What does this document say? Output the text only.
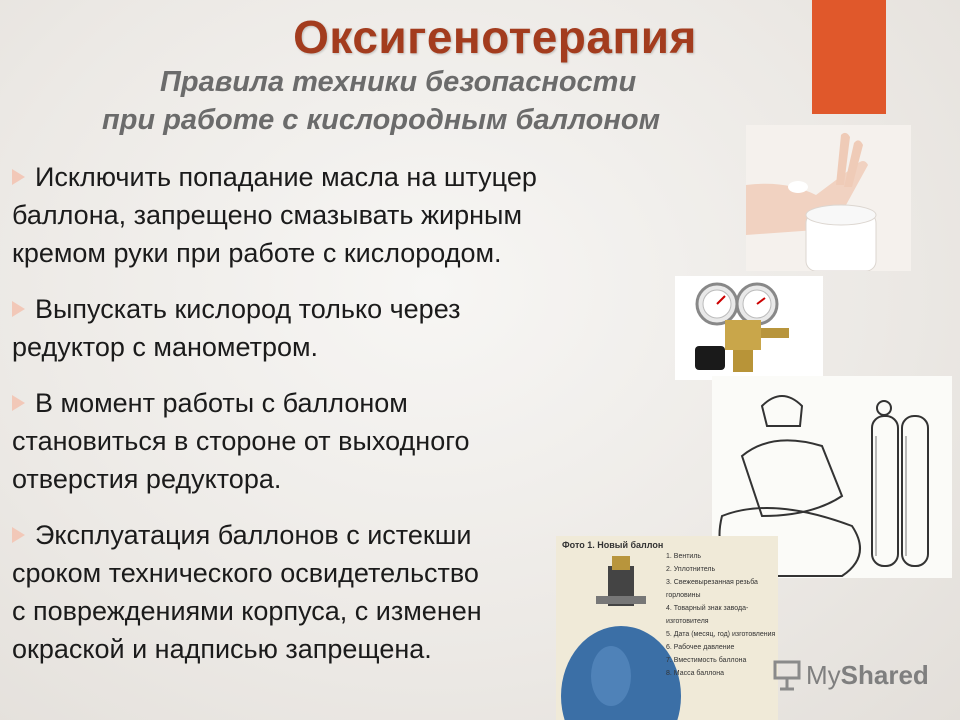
Оксигенотерапия
Правила техники безопасности
при работе с кислородным баллоном
Исключить попадание масла на штуцер
баллона, запрещено смазывать жирным
кремом руки при работе с кислородом.
Выпускать кислород только через
редуктор с манометром.
В момент работы с баллоном
становиться в стороне от выходного
отверстия редуктора.
Эксплуатация баллонов с истекши
сроком технического освидетельство
с повреждениями корпуса, с изменен
окраской и надписью запрещена.
Фото 1. Новый баллон
1. Вентиль
2. Уплотнитель
3. Свежевырезанная резьба горловины
4. Товарный знак завода-изготовителя
5. Дата (месяц, год) изготовления
6. Рабочее давление
7. Вместимость баллона
8. Масса баллона	MyShared
